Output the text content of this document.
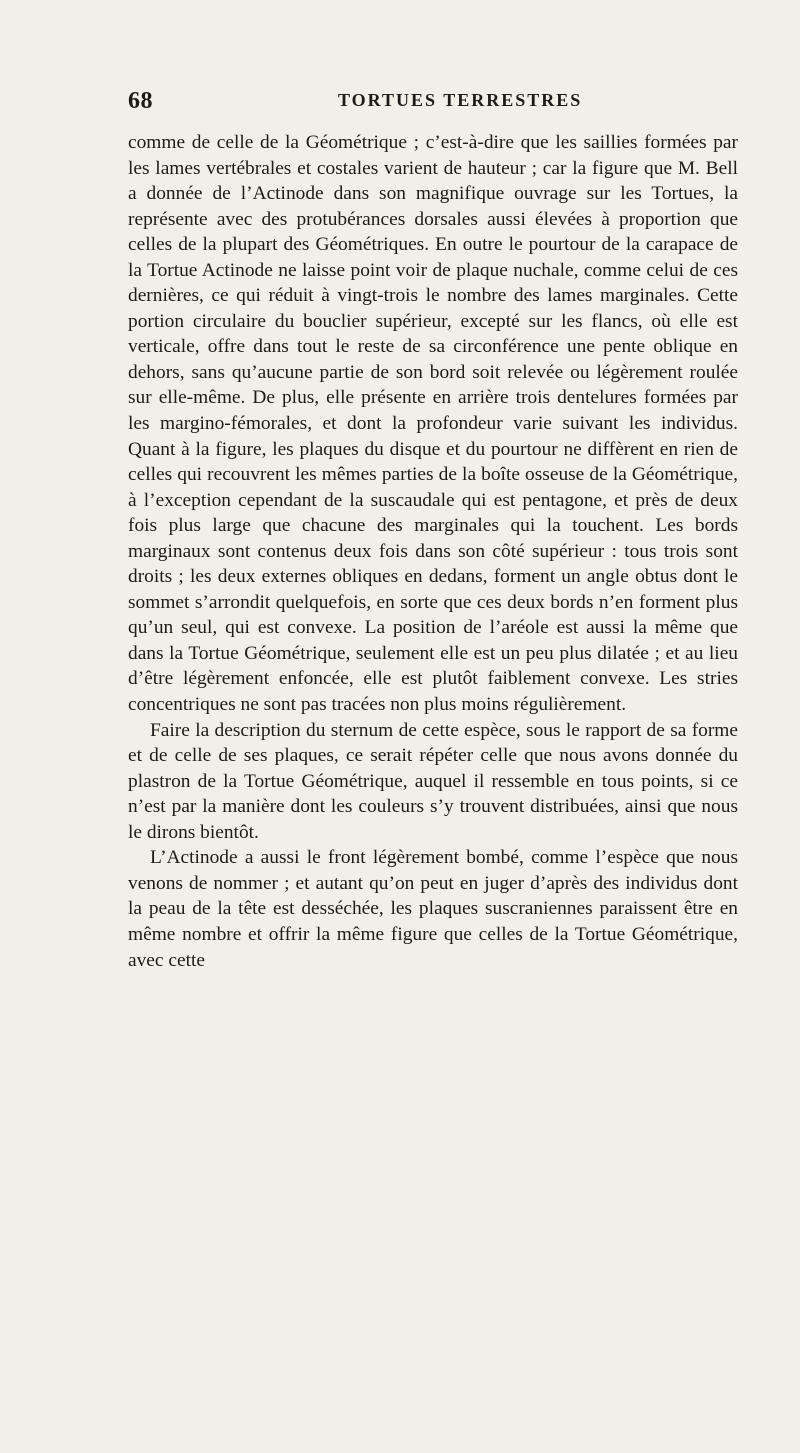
68	TORTUES TERRESTRES

comme de celle de la Géométrique ; c’est-à-dire que les saillies formées par les lames vertébrales et costales varient de hauteur ; car la figure que M. Bell a donnée de l’Actinode dans son magnifique ouvrage sur les Tortues, la représente avec des protubérances dorsales aussi élevées à proportion que celles de la plupart des Géométriques. En outre le pourtour de la carapace de la Tortue Actinode ne laisse point voir de plaque nuchale, comme celui de ces dernières, ce qui réduit à vingt-trois le nombre des lames marginales. Cette portion circulaire du bouclier supérieur, excepté sur les flancs, où elle est verticale, offre dans tout le reste de sa circonférence une pente oblique en dehors, sans qu’aucune partie de son bord soit relevée ou légèrement roulée sur elle-même. De plus, elle présente en arrière trois dentelures formées par les margino-fémorales, et dont la profondeur varie suivant les individus. Quant à la figure, les plaques du disque et du pourtour ne diffèrent en rien de celles qui recouvrent les mêmes parties de la boîte osseuse de la Géométrique, à l’exception cependant de la suscaudale qui est pentagone, et près de deux fois plus large que chacune des marginales qui la touchent. Les bords marginaux sont contenus deux fois dans son côté supérieur : tous trois sont droits ; les deux externes obliques en dedans, forment un angle obtus dont le sommet s’arrondit quelquefois, en sorte que ces deux bords n’en forment plus qu’un seul, qui est convexe. La position de l’aréole est aussi la même que dans la Tortue Géométrique, seulement elle est un peu plus dilatée ; et au lieu d’être légèrement enfoncée, elle est plutôt faiblement convexe. Les stries concentriques ne sont pas tracées non plus moins régulièrement.

Faire la description du sternum de cette espèce, sous le rapport de sa forme et de celle de ses plaques, ce serait répéter celle que nous avons donnée du plastron de la Tortue Géométrique, auquel il ressemble en tous points, si ce n’est par la manière dont les couleurs s’y trouvent distribuées, ainsi que nous le dirons bientôt.

L’Actinode a aussi le front légèrement bombé, comme l’espèce que nous venons de nommer ; et autant qu’on peut en juger d’après des individus dont la peau de la tête est desséchée, les plaques suscraniennes paraissent être en même nombre et offrir la même figure que celles de la Tortue Géométrique, avec cette
